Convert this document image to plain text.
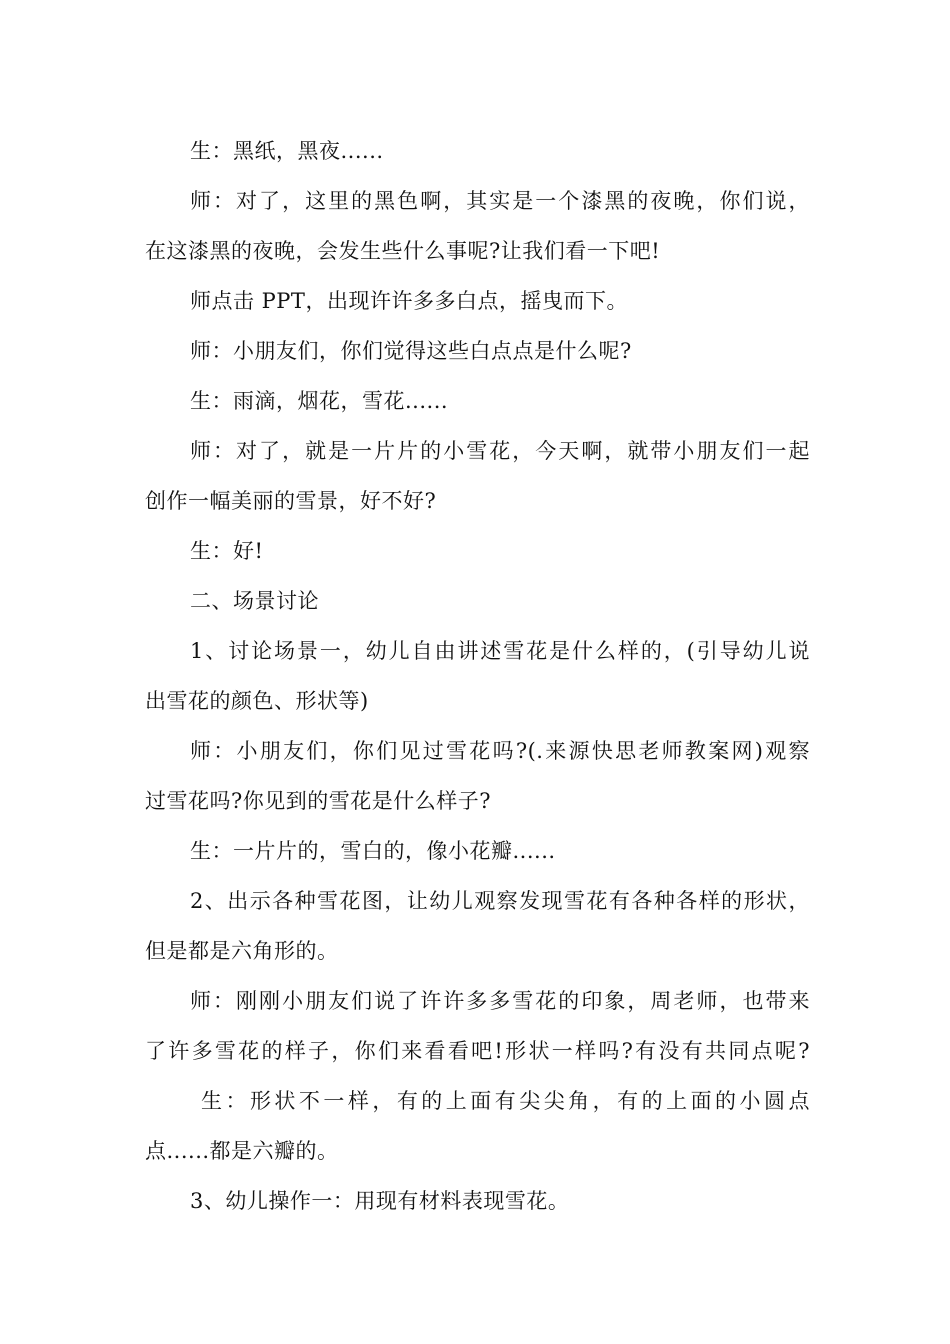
生：黑纸，黑夜......
师：对了，这里的黑色啊，其实是一个漆黑的夜晚，你们说，
在这漆黑的夜晚，会发生些什么事呢?让我们看一下吧!
师点击 PPT，出现许许多多白点，摇曳而下。
师：小朋友们，你们觉得这些白点点是什么呢?
生：雨滴，烟花，雪花......
师：对了，就是一片片的小雪花，今天啊，就带小朋友们一起
创作一幅美丽的雪景，好不好?
生：好!
二、场景讨论
1、讨论场景一，幼儿自由讲述雪花是什么样的，(引导幼儿说
出雪花的颜色、形状等)
师：小朋友们，你们见过雪花吗?(.来源快思老师教案网)观察
过雪花吗?你见到的雪花是什么样子?
生：一片片的，雪白的，像小花瓣......
2、出示各种雪花图，让幼儿观察发现雪花有各种各样的形状，
但是都是六角形的。
师：刚刚小朋友们说了许许多多雪花的印象，周老师，也带来
了许多雪花的样子，你们来看看吧!形状一样吗?有没有共同点呢?
生：形状不一样，有的上面有尖尖角，有的上面的小圆点
点......都是六瓣的。
3、幼儿操作一：用现有材料表现雪花。
